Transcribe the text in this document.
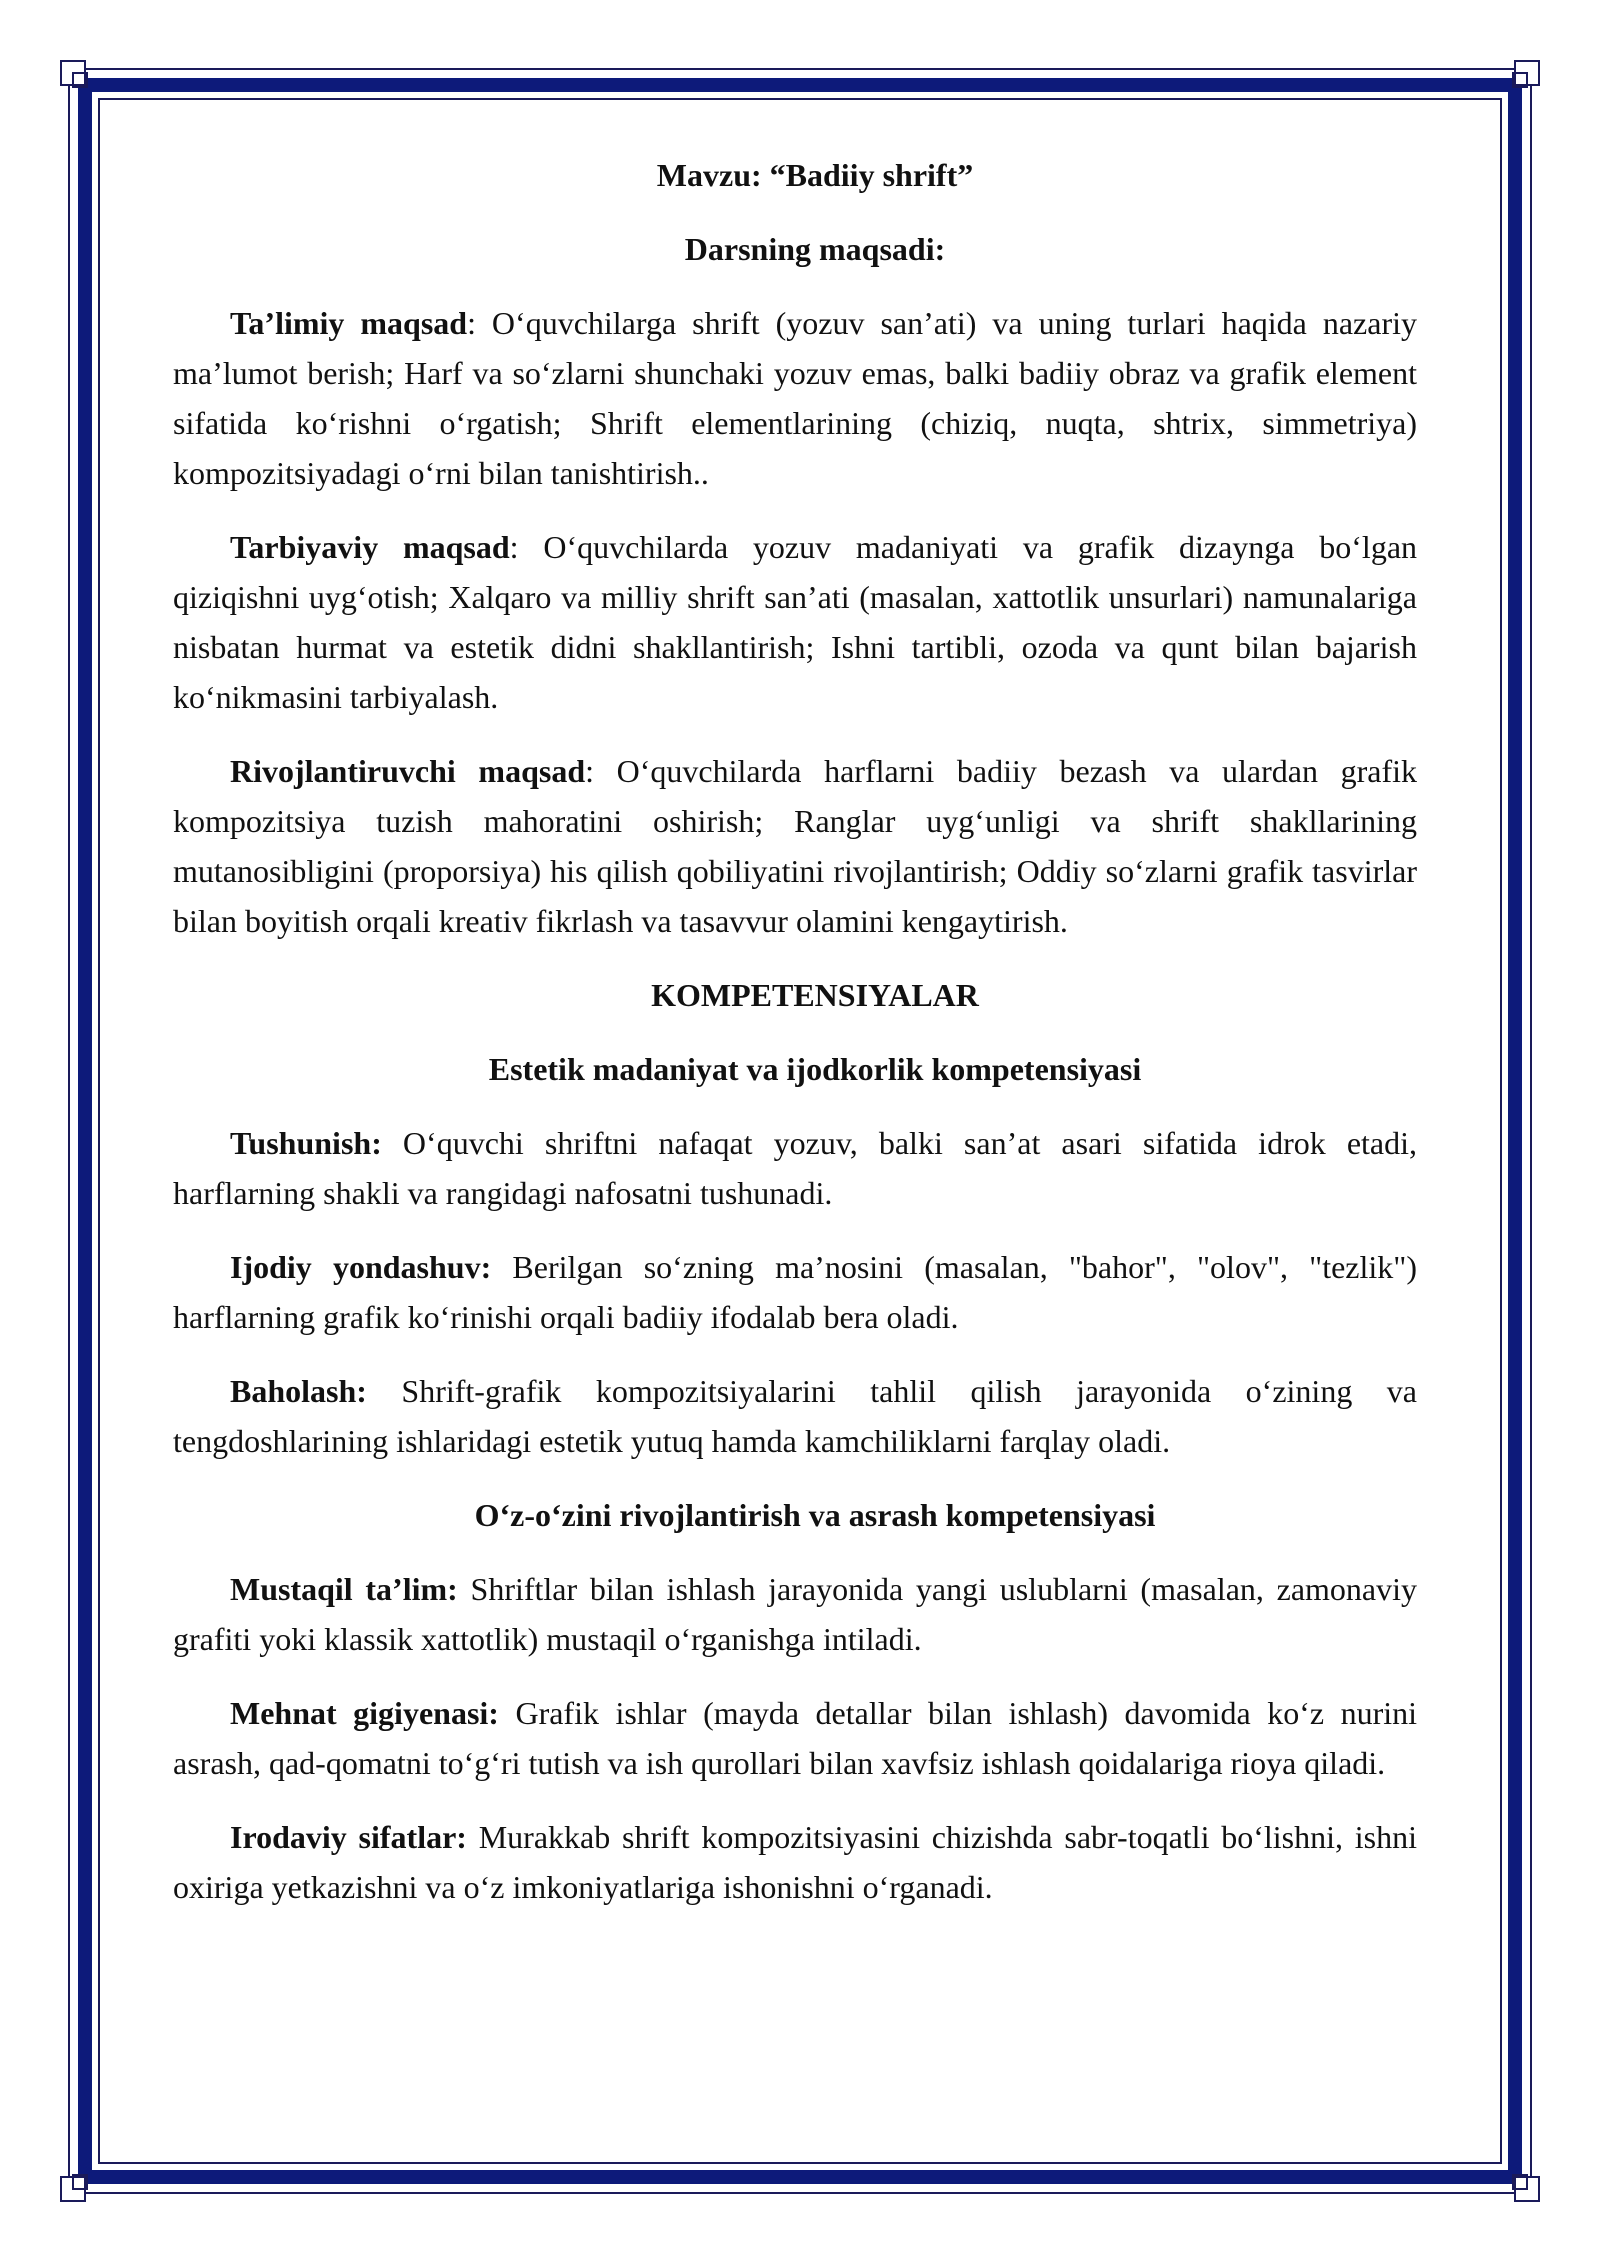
Mavzu: “Badiiy shrift”
Darsning maqsadi:

Ta’limiy maqsad: O‘quvchilarga shrift (yozuv san’ati) va uning turlari haqida nazariy ma’lumot berish; Harf va so‘zlarni shunchaki yozuv emas, balki badiiy obraz va grafik element sifatida ko‘rishni o‘rgatish; Shrift elementlarining (chiziq, nuqta, shtrix, simmetriya) kompozitsiyadagi o‘rni bilan tanishtirish..

Tarbiyaviy maqsad: O‘quvchilarda yozuv madaniyati va grafik dizaynga bo‘lgan qiziqishni uyg‘otish; Xalqaro va milliy shrift san’ati (masalan, xattotlik unsurlari) namunalariga nisbatan hurmat va estetik didni shakllantirish; Ishni tartibli, ozoda va qunt bilan bajarish ko‘nikmasini tarbiyalash.

Rivojlantiruvchi maqsad: O‘quvchilarda harflarni badiiy bezash va ulardan grafik kompozitsiya tuzish mahoratini oshirish; Ranglar uyg‘unligi va shrift shakllarining mutanosibligini (proporsiya) his qilish qobiliyatini rivojlantirish; Oddiy so‘zlarni grafik tasvirlar bilan boyitish orqali kreativ fikrlash va tasavvur olamini kengaytirish.

KOMPETENSIYALAR
Estetik madaniyat va ijodkorlik kompetensiyasi

Tushunish: O‘quvchi shriftni nafaqat yozuv, balki san’at asari sifatida idrok etadi, harflarning shakli va rangidagi nafosatni tushunadi.

Ijodiy yondashuv: Berilgan so‘zning ma’nosini (masalan, "bahor", "olov", "tezlik") harflarning grafik ko‘rinishi orqali badiiy ifodalab bera oladi.

Baholash: Shrift-grafik kompozitsiyalarini tahlil qilish jarayonida o‘zining va tengdoshlarining ishlaridagi estetik yutuq hamda kamchiliklarni farqlay oladi.

O‘z-o‘zini rivojlantirish va asrash kompetensiyasi

Mustaqil ta’lim: Shriftlar bilan ishlash jarayonida yangi uslublarni (masalan, zamonaviy grafiti yoki klassik xattotlik) mustaqil o‘rganishga intiladi.

Mehnat gigiyenasi: Grafik ishlar (mayda detallar bilan ishlash) davomida ko‘z nurini asrash, qad-qomatni to‘g‘ri tutish va ish qurollari bilan xavfsiz ishlash qoidalariga rioya qiladi.

Irodaviy sifatlar: Murakkab shrift kompozitsiyasini chizishda sabr-toqatli bo‘lishni, ishni oxiriga yetkazishni va o‘z imkoniyatlariga ishonishni o‘rganadi.
